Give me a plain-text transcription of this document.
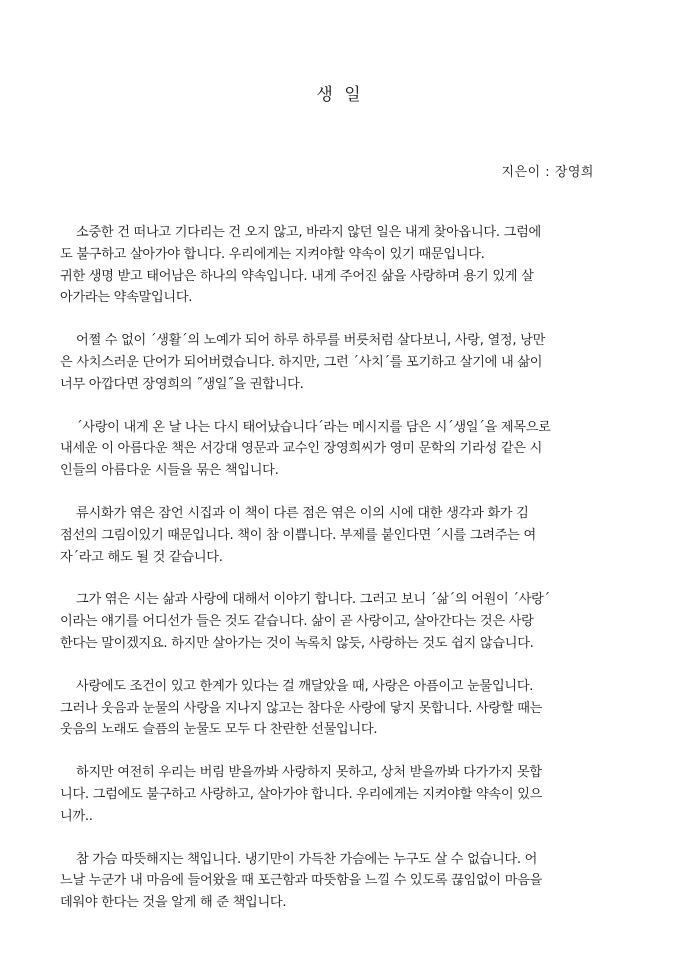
생 일
지은이 : 장영희

소중한 건 떠나고 기다리는 건 오지 않고, 바라지 않던 일은 내게 찾아옵니다. 그럼에
도 불구하고 살아가야 합니다. 우리에게는 지켜야할 약속이 있기 때문입니다.
귀한 생명 받고 태어남은 하나의 약속입니다. 내게 주어진 삶을 사랑하며 용기 있게 살
아가라는 약속말입니다.

어쩔 수 없이 ´생활´의 노예가 되어 하루 하루를 버릇처럼 살다보니, 사랑, 열정, 낭만
은 사치스러운 단어가 되어버렸습니다. 하지만, 그런 ´사치´를 포기하고 살기에 내 삶이
너무 아깝다면 장영희의 ˝생일˝을 권합니다.

´사랑이 내게 온 날 나는 다시 태어났습니다´라는 메시지를 담은 시´생일´을 제목으로
내세운 이 아름다운 책은 서강대 영문과 교수인 장영희씨가 영미 문학의 기라성 같은 시
인들의 아름다운 시들을 묶은 책입니다.

류시화가 엮은 잠언 시집과 이 책이 다른 점은 엮은 이의 시에 대한 생각과 화가 김
점선의 그림이있기 때문입니다. 책이 참 이쁩니다. 부제를 붙인다면 ´시를 그려주는 여
자´라고 해도 될 것 같습니다.

그가 엮은 시는 삶과 사랑에 대해서 이야기 합니다. 그러고 보니 ´삶´의 어원이 ´사랑´
이라는 얘기를 어디선가 들은 것도 같습니다. 삶이 곧 사랑이고, 살아간다는 것은 사랑
한다는 말이겠지요. 하지만 살아가는 것이 녹록치 않듯, 사랑하는 것도 쉽지 않습니다.

사랑에도 조건이 있고 한계가 있다는 걸 깨달았을 때, 사랑은 아픔이고 눈물입니다.
그러나 웃음과 눈물의 사랑을 지나지 않고는 참다운 사랑에 닿지 못합니다. 사랑할 때는
웃음의 노래도 슬픔의 눈물도 모두 다 찬란한 선물입니다.

하지만 여전히 우리는 버림 받을까봐 사랑하지 못하고, 상처 받을까봐 다가가지 못합
니다. 그럼에도 불구하고 사랑하고, 살아가야 합니다. 우리에게는 지켜야할 약속이 있으
니까..

참 가슴 따뜻해지는 책입니다. 냉기만이 가득찬 가슴에는 누구도 살 수 없습니다. 어
느날 누군가 내 마음에 들어왔을 때 포근함과 따뜻함을 느낄 수 있도록 끊임없이 마음을
데워야 한다는 것을 알게 해 준 책입니다.
